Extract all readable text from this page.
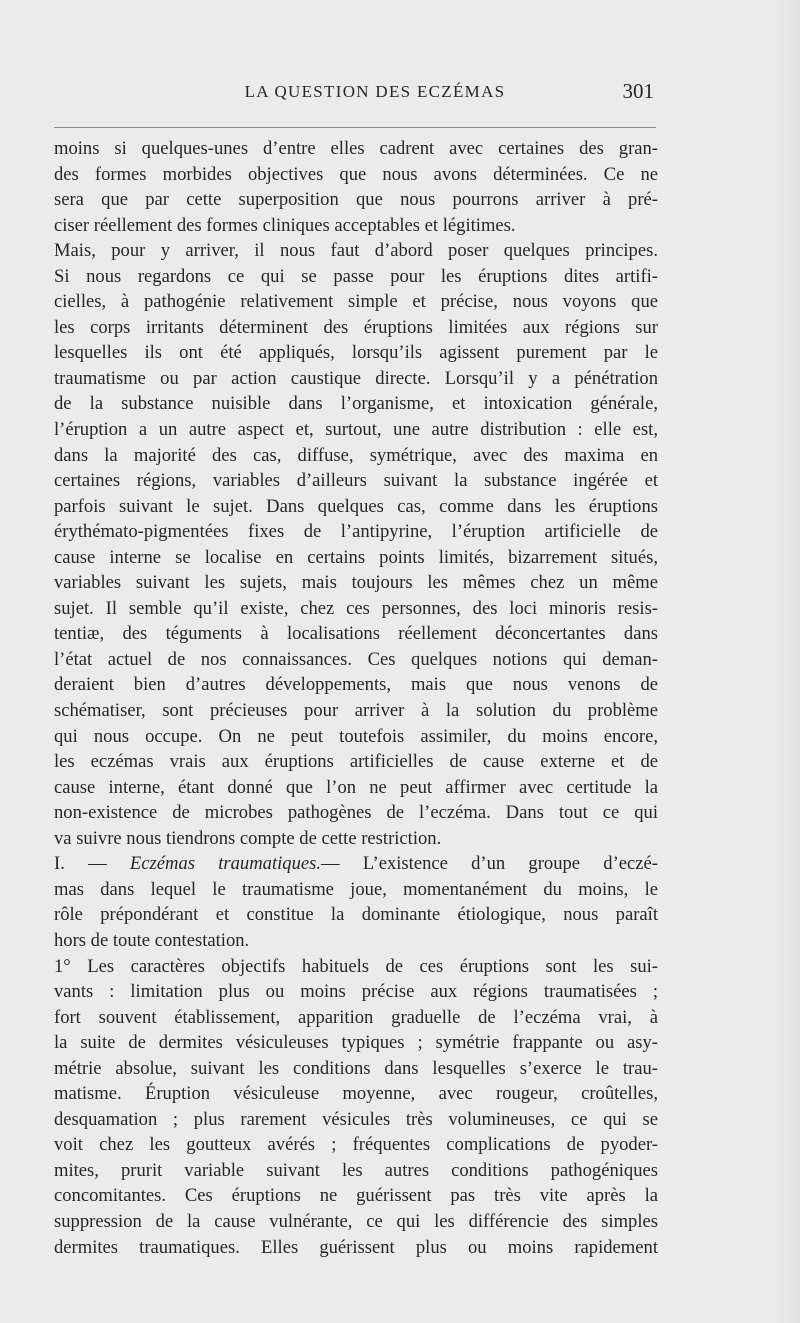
LA QUESTION DES ECZÉMAS	301
moins si quelques-unes d’entre elles cadrent avec certaines des gran-
des formes morbides objectives que nous avons déterminées. Ce ne
sera que par cette superposition que nous pourrons arriver à pré-
ciser réellement des formes cliniques acceptables et légitimes.
Mais, pour y arriver, il nous faut d’abord poser quelques principes.
Si nous regardons ce qui se passe pour les éruptions dites artifi-
cielles, à pathogénie relativement simple et précise, nous voyons que
les corps irritants déterminent des éruptions limitées aux régions sur
lesquelles ils ont été appliqués, lorsqu’ils agissent purement par le
traumatisme ou par action caustique directe. Lorsqu’il y a pénétration
de la substance nuisible dans l’organisme, et intoxication générale,
l’éruption a un autre aspect et, surtout, une autre distribution : elle est,
dans la majorité des cas, diffuse, symétrique, avec des maxima en
certaines régions, variables d’ailleurs suivant la substance ingérée et
parfois suivant le sujet. Dans quelques cas, comme dans les éruptions
érythémato-pigmentées fixes de l’antipyrine, l’éruption artificielle de
cause interne se localise en certains points limités, bizarrement situés,
variables suivant les sujets, mais toujours les mêmes chez un même
sujet. Il semble qu’il existe, chez ces personnes, des loci minoris resis-
tentiæ, des téguments à localisations réellement déconcertantes dans
l’état actuel de nos connaissances. Ces quelques notions qui deman-
deraient bien d’autres développements, mais que nous venons de
schématiser, sont précieuses pour arriver à la solution du problème
qui nous occupe. On ne peut toutefois assimiler, du moins encore,
les eczémas vrais aux éruptions artificielles de cause externe et de
cause interne, étant donné que l’on ne peut affirmer avec certitude la
non-existence de microbes pathogènes de l’eczéma. Dans tout ce qui
va suivre nous tiendrons compte de cette restriction.
I. — Eczémas traumatiques.— L’existence d’un groupe d’eczé-
mas dans lequel le traumatisme joue, momentanément du moins, le
rôle prépondérant et constitue la dominante étiologique, nous paraît
hors de toute contestation.
1° Les caractères objectifs habituels de ces éruptions sont les sui-
vants : limitation plus ou moins précise aux régions traumatisées ;
fort souvent établissement, apparition graduelle de l’eczéma vrai, à
la suite de dermites vésiculeuses typiques ; symétrie frappante ou asy-
métrie absolue, suivant les conditions dans lesquelles s’exerce le trau-
matisme. Éruption vésiculeuse moyenne, avec rougeur, croûtelles,
desquamation ; plus rarement vésicules très volumineuses, ce qui se
voit chez les goutteux avérés ; fréquentes complications de pyoder-
mites, prurit variable suivant les autres conditions pathogéniques
concomitantes. Ces éruptions ne guérissent pas très vite après la
suppression de la cause vulnérante, ce qui les différencie des simples
dermites traumatiques. Elles guérissent plus ou moins rapidement
